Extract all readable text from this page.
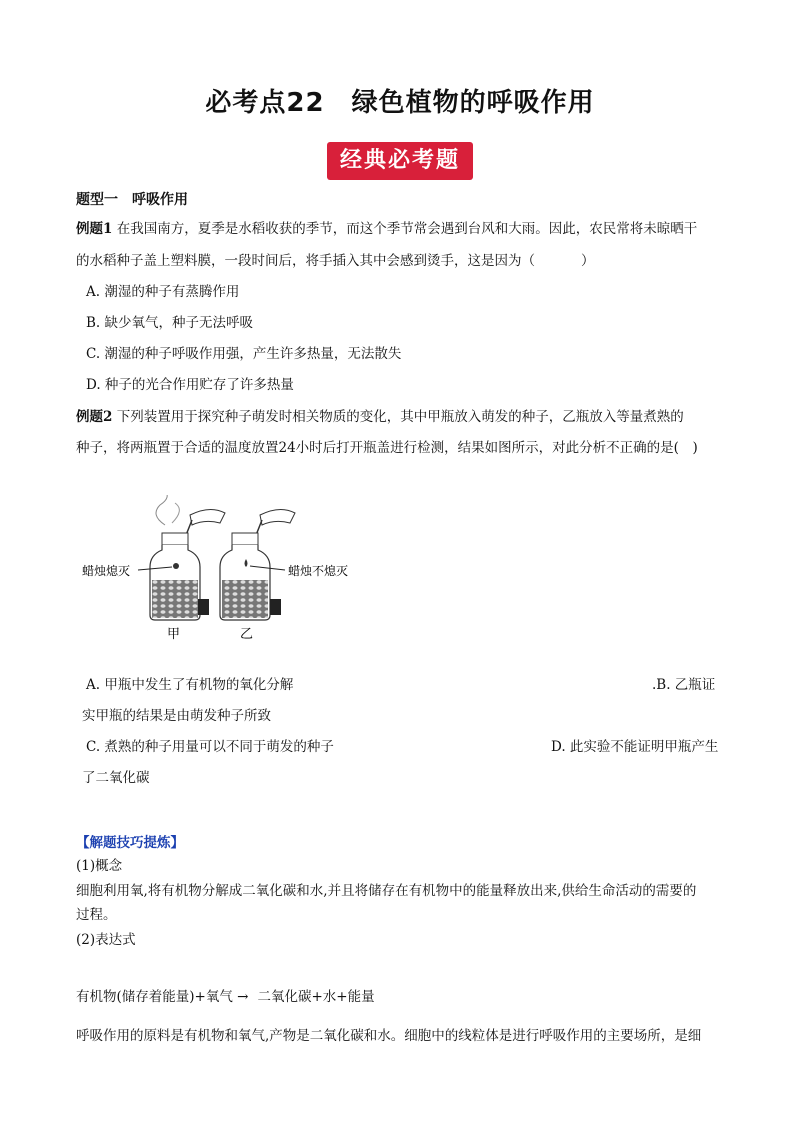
必考点22　绿色植物的呼吸作用
经典必考题
题型一　呼吸作用
例题1 在我国南方，夏季是水稻收获的季节，而这个季节常会遇到台风和大雨。因此，农民常将未晾晒干
的水稻种子盖上塑料膜，一段时间后，将手插入其中会感到烫手，这是因为（	）
A. 潮湿的种子有蒸腾作用
B. 缺少氧气，种子无法呼吸
C. 潮湿的种子呼吸作用强，产生许多热量，无法散失
D. 种子的光合作用贮存了许多热量
例题2 下列装置用于探究种子萌发时相关物质的变化，其中甲瓶放入萌发的种子，乙瓶放入等量煮熟的
种子，将两瓶置于合适的温度放置24小时后打开瓶盖进行检测，结果如图所示，对此分析不正确的是(　)
蜡烛熄灭	蜡烛不熄灭
甲	乙
A. 甲瓶中发生了有机物的氧化分解	.B. 乙瓶证
实甲瓶的结果是由萌发种子所致
C. 煮熟的种子用量可以不同于萌发的种子	D. 此实验不能证明甲瓶产生
了二氧化碳
【解题技巧提炼】
(1)概念
细胞利用氧,将有机物分解成二氧化碳和水,并且将储存在有机物中的能量释放出来,供给生命活动的需要的
过程。
(2)表达式
有机物(储存着能量)+氧气 → 二氧化碳+水+能量
呼吸作用的原料是有机物和氧气,产物是二氧化碳和水。细胞中的线粒体是进行呼吸作用的主要场所，是细
